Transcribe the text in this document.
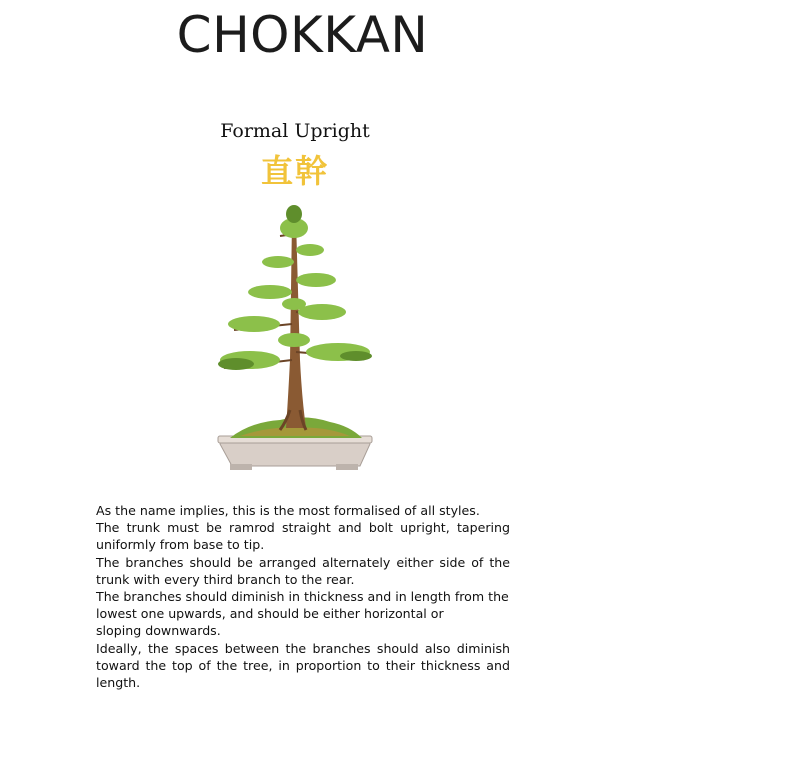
CHOKKAN
Formal Upright
直幹

As the name implies, this is the most formalised of all styles.

The trunk must be ramrod straight and bolt upright, tapering uniformly from base to tip.

The branches should be arranged alternately either side of the trunk with every third branch to the rear.

The branches should diminish in thickness and in length from the lowest one upwards, and should be either horizontal or

sloping downwards.

Ideally, the spaces between the branches should also diminish toward the top of the tree, in proportion to their thickness and length.
